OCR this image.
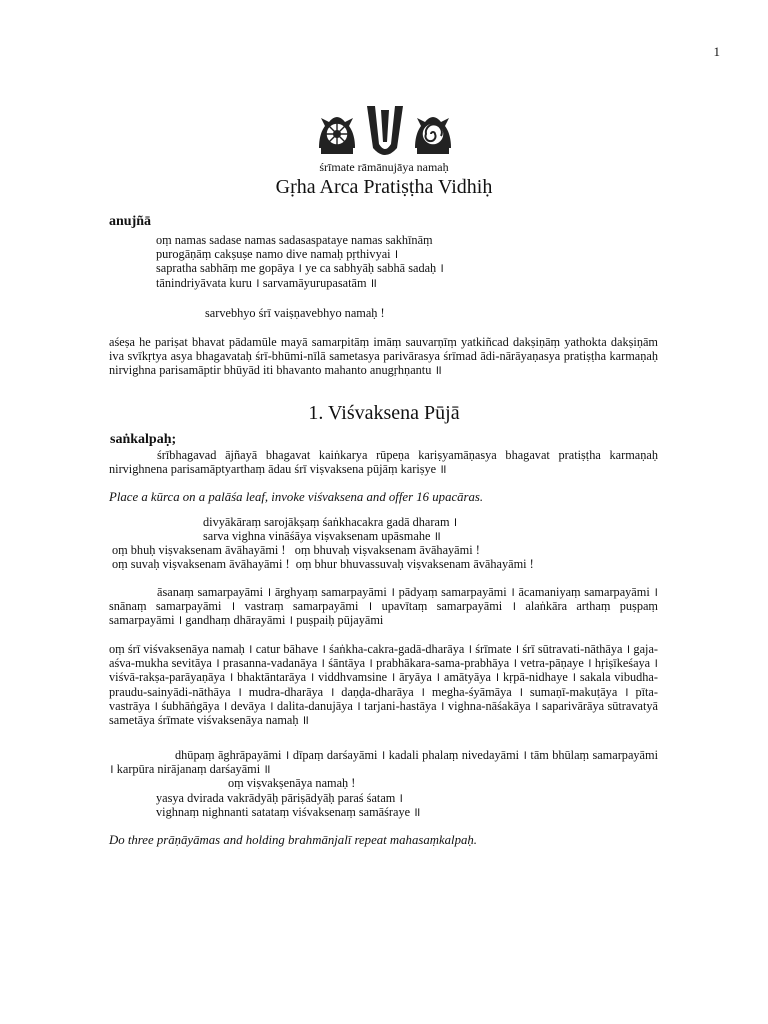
1
śrīmate rāmānujāya namaḥ
Gṛha Arca Pratiṣṭha Vidhiḥ
anujñā
oṃ namas sadase namas sadasaspataye namas sakhīnāṃ
purogāṇāṃ cakṣuṣe namo dive namaḥ pṛthivyai ।
sapratha sabhāṃ me gopāya । ye ca sabhyāḥ sabhā sadaḥ ।
tānindriyāvata kuru । sarvamāyurupasatām ॥
sarvebhyo śrī vaiṣṇavebhyo namaḥ !
aśeṣa he pariṣat bhavat pādamūle mayā samarpitāṃ imāṃ sauvarṇīṃ yatkiñcad dakṣiṇāṃ yathokta dakṣiṇām iva svīkṛtya asya bhagavataḥ śrī-bhūmi-nīlā sametasya parivārasya śrīmad ādi-nārāyaṇasya pratiṣṭha karmaṇaḥ nirvighna parisamāptir bhūyād iti bhavanto mahanto anugṛhṇantu ॥
1. Viśvaksena Pūjā
saṅkalpaḥ;
śrībhagavad ājñayā bhagavat kaiṅkarya rūpeṇa kariṣyamāṇasya bhagavat pratiṣṭha karmaṇaḥ nirvighnena parisamāptyarthaṃ ādau śrī viṣvaksena pūjāṃ kariṣye ॥
Place a kūrca on a palāśa leaf, invoke viśvaksena and offer 16 upacāras.
divyākāraṃ sarojākṣaṃ śaṅkhacakra gadā dharam ।
sarva vighna vināśāya viṣvaksenam upāsmahe ॥
oṃ bhuḥ viṣvaksenam āvāhayāmi !   oṃ bhuvaḥ viṣvaksenam āvāhayāmi !
oṃ suvaḥ viṣvaksenam āvāhayāmi !  oṃ bhur bhuvassuvaḥ viṣvaksenam āvāhayāmi !
āsanaṃ samarpayāmi । ārghyaṃ samarpayāmi । pādyaṃ samarpayāmi । ācamaniyaṃ samarpayāmi । snānaṃ samarpayāmi । vastraṃ samarpayāmi । upavītaṃ samarpayāmi । alaṅkāra arthaṃ puṣpaṃ samarpayāmi । gandhaṃ dhārayāmi । puṣpaiḥ pūjayāmi
oṃ śrī viśvaksenāya namaḥ । catur bāhave । śaṅkha-cakra-gadā-dharāya । śrīmate । śrī sūtravati-nāthāya । gaja-aśva-mukha sevitāya । prasanna-vadanāya । śāntāya । prabhākara-sama-prabhāya । vetra-pāṇaye । hṛiṣīkeśaya । viśvā-rakṣa-parāyaṇāya । bhaktāntarāya । viddhvamsine । āryāya । amātyāya । kṛpā-nidhaye । sakala vibudha-praudu-sainyādi-nāthāya । mudra-dharāya । daṇḍa-dharāya । megha-śyāmāya । sumaṇī-makuṭāya । pīta-vastrāya । śubhāṅgāya । devāya । dalita-danujāya । tarjani-hastāya । vighna-nāśakāya । saparivārāya sūtravatyā sametāya śrīmate viśvaksenāya namaḥ ॥
dhūpaṃ āghrāpayāmi । dīpaṃ darśayāmi । kadali phalaṃ nivedayāmi । tām bhūlaṃ samarpayāmi । karpūra nirājanaṃ darśayāmi ॥
oṃ viṣvakṣenāya namaḥ !
yasya dvirada vakrādyāḥ pāriṣādyāḥ paraś śatam ।
vighnaṃ nighnanti satataṃ viśvaksenaṃ samāśraye ॥
Do three prāṇāyāmas and holding brahmānjalī repeat mahasaṃkalpaḥ.
